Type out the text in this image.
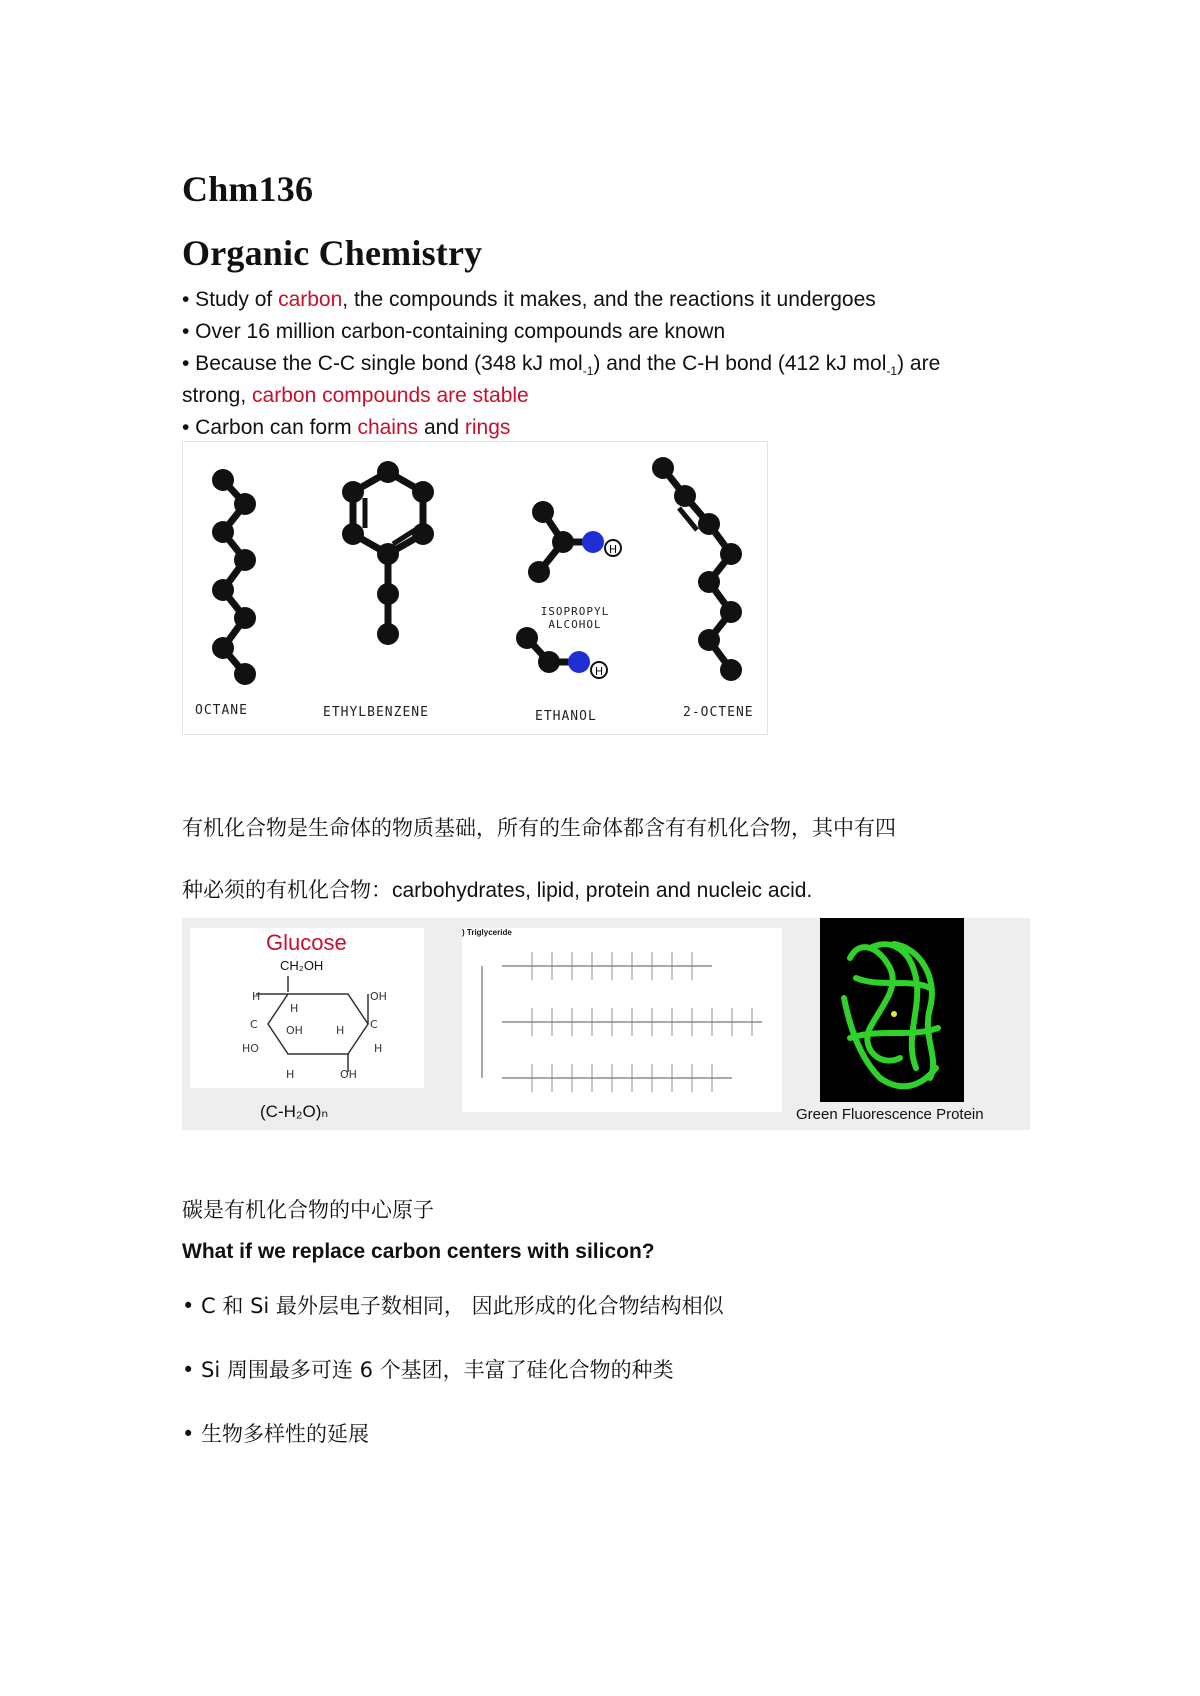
Chm136
Organic Chemistry
• Study of carbon, the compounds it makes, and the reactions it undergoes
• Over 16 million carbon-containing compounds are known
• Because the C-C single bond (348 kJ mol$_{-1}$) and the C-H bond (412 kJ mol$_{-1}$) are
strong, carbon compounds are stable
• Carbon can form chains and rings
H
H
OCTANE	ETHYLBENZENE	ETHANOL	2-OCTENE
ISOPROPYL
ALCOHOL
有机化合物是生命体的物质基础，所有的生命体都含有有机化合物，其中有四
种必须的有机化合物：carbohydrates, lipid, protein and nucleic acid.
Glucose
CH₂OH
H
H
OH
C	C
OH	H
HO	H
H	OH
(C-H₂O)ₙ
) Triglyceride
Green Fluorescence Protein
碳是有机化合物的中心原子
What if we replace carbon centers with silicon?
• C 和 Si 最外层电子数相同， 因此形成的化合物结构相似
• Si 周围最多可连 6 个基团，丰富了硅化合物的种类
• 生物多样性的延展
